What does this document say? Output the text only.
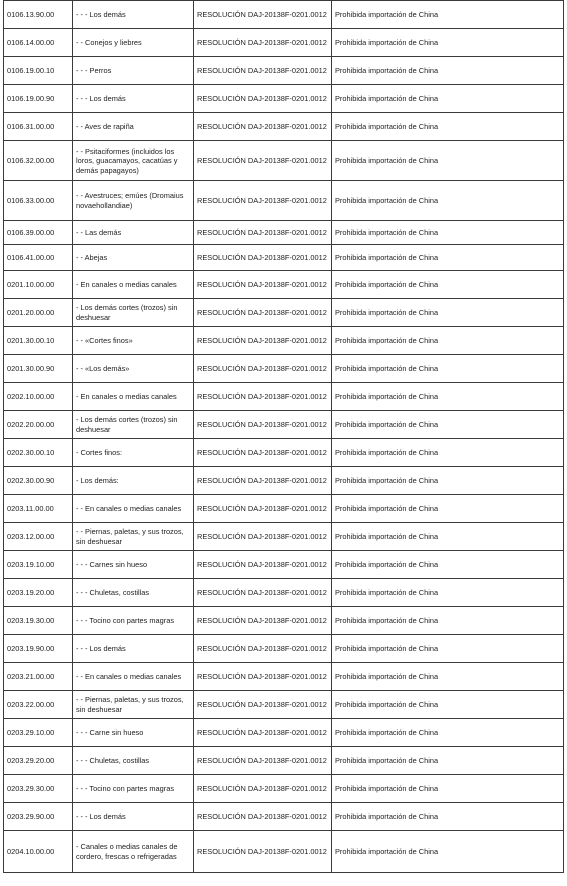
0106.13.90.00	- - - Los demás	RESOLUCIÓN DAJ-20138F-0201.0012	Prohibida importación de China
0106.14.00.00	- - Conejos y liebres	RESOLUCIÓN DAJ-20138F-0201.0012	Prohibida importación de China
0106.19.00.10	- - - Perros	RESOLUCIÓN DAJ-20138F-0201.0012	Prohibida importación de China
0106.19.00.90	- - - Los demás	RESOLUCIÓN DAJ-20138F-0201.0012	Prohibida importación de China
0106.31.00.00	- - Aves de rapiña	RESOLUCIÓN DAJ-20138F-0201.0012	Prohibida importación de China
0106.32.00.00	- - Psitaciformes (incluidos los loros, guacamayos, cacatúas y demás papagayos)	RESOLUCIÓN DAJ-20138F-0201.0012	Prohibida importación de China
0106.33.00.00	- - Avestruces; emúes (Dromaius novaehollandiae)	RESOLUCIÓN DAJ-20138F-0201.0012	Prohibida importación de China
0106.39.00.00	- - Las demás	RESOLUCIÓN DAJ-20138F-0201.0012	Prohibida importación de China
0106.41.00.00	- - Abejas	RESOLUCIÓN DAJ-20138F-0201.0012	Prohibida importación de China
0201.10.00.00	- En canales o medias canales	RESOLUCIÓN DAJ-20138F-0201.0012	Prohibida importación de China
0201.20.00.00	- Los demás cortes (trozos) sin deshuesar	RESOLUCIÓN DAJ-20138F-0201.0012	Prohibida importación de China
0201.30.00.10	- - «Cortes finos»	RESOLUCIÓN DAJ-20138F-0201.0012	Prohibida importación de China
0201.30.00.90	- - «Los demás»	RESOLUCIÓN DAJ-20138F-0201.0012	Prohibida importación de China
0202.10.00.00	- En canales o medias canales	RESOLUCIÓN DAJ-20138F-0201.0012	Prohibida importación de China
0202.20.00.00	- Los demás cortes (trozos) sin deshuesar	RESOLUCIÓN DAJ-20138F-0201.0012	Prohibida importación de China
0202.30.00.10	- Cortes finos:	RESOLUCIÓN DAJ-20138F-0201.0012	Prohibida importación de China
0202.30.00.90	- Los demás:	RESOLUCIÓN DAJ-20138F-0201.0012	Prohibida importación de China
0203.11.00.00	- - En canales o medias canales	RESOLUCIÓN DAJ-20138F-0201.0012	Prohibida importación de China
0203.12.00.00	- - Piernas, paletas, y sus trozos, sin deshuesar	RESOLUCIÓN DAJ-20138F-0201.0012	Prohibida importación de China
0203.19.10.00	- - - Carnes sin hueso	RESOLUCIÓN DAJ-20138F-0201.0012	Prohibida importación de China
0203.19.20.00	- - - Chuletas, costillas	RESOLUCIÓN DAJ-20138F-0201.0012	Prohibida importación de China
0203.19.30.00	- - - Tocino con partes magras	RESOLUCIÓN DAJ-20138F-0201.0012	Prohibida importación de China
0203.19.90.00	- - - Los demás	RESOLUCIÓN DAJ-20138F-0201.0012	Prohibida importación de China
0203.21.00.00	- - En canales o medias canales	RESOLUCIÓN DAJ-20138F-0201.0012	Prohibida importación de China
0203.22.00.00	- - Piernas, paletas, y sus trozos, sin deshuesar	RESOLUCIÓN DAJ-20138F-0201.0012	Prohibida importación de China
0203.29.10.00	- - - Carne sin hueso	RESOLUCIÓN DAJ-20138F-0201.0012	Prohibida importación de China
0203.29.20.00	- - - Chuletas, costillas	RESOLUCIÓN DAJ-20138F-0201.0012	Prohibida importación de China
0203.29.30.00	- - - Tocino con partes magras	RESOLUCIÓN DAJ-20138F-0201.0012	Prohibida importación de China
0203.29.90.00	- - - Los demás	RESOLUCIÓN DAJ-20138F-0201.0012	Prohibida importación de China
0204.10.00.00	- Canales o medias canales de cordero, frescas o refrigeradas	RESOLUCIÓN DAJ-20138F-0201.0012	Prohibida importación de China
